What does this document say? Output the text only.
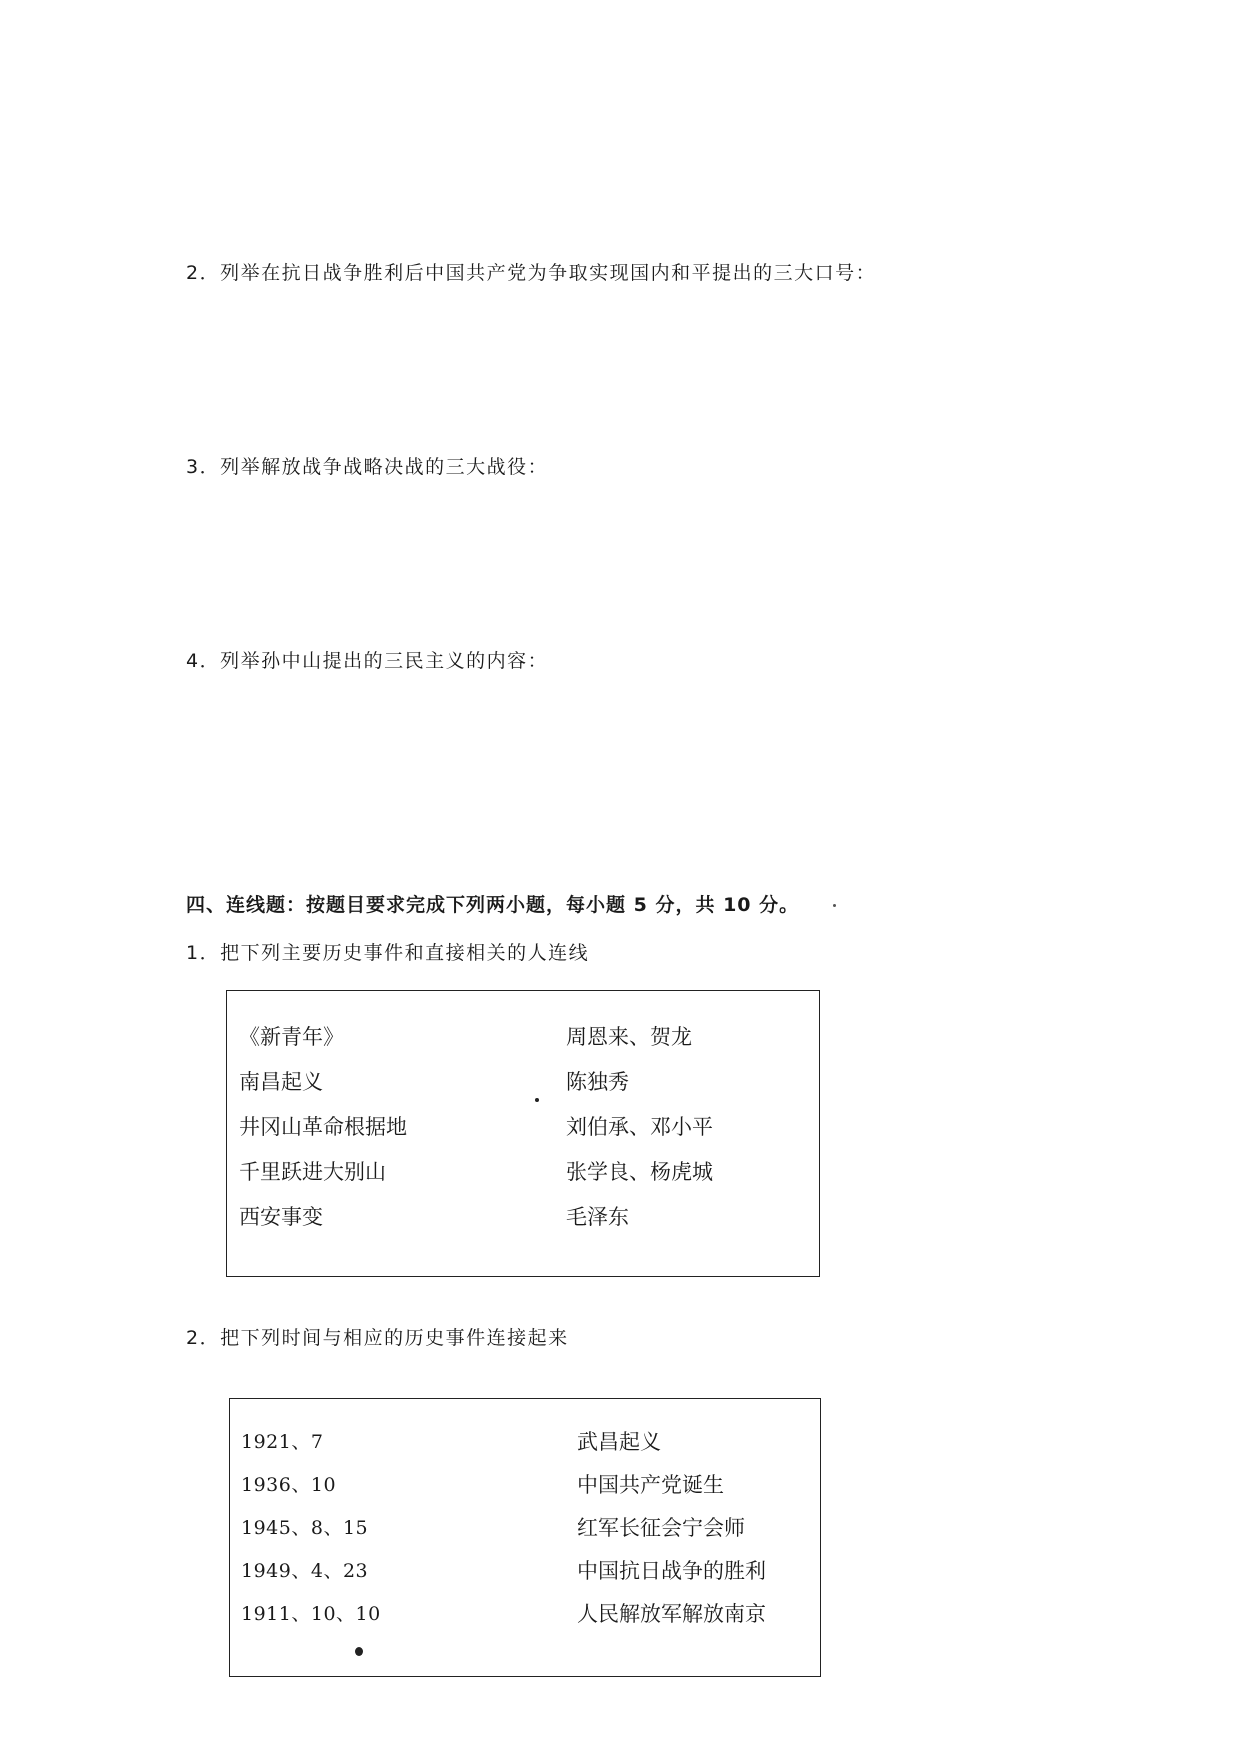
2．列举在抗日战争胜利后中国共产党为争取实现国内和平提出的三大口号：
3．列举解放战争战略决战的三大战役：
4．列举孙中山提出的三民主义的内容：
四、连线题：按题目要求完成下列两小题，每小题 5 分，共 10 分。
1．把下列主要历史事件和直接相关的人连线
《新青年》
南昌起义
井冈山革命根据地
千里跃进大别山
西安事变
周恩来、贺龙
陈独秀
刘伯承、邓小平
张学良、杨虎城
毛泽东
2．把下列时间与相应的历史事件连接起来
1921、7
1936、10
1945、8、15
1949、4、23
1911、10、10
武昌起义
中国共产党诞生
红军长征会宁会师
中国抗日战争的胜利
人民解放军解放南京
